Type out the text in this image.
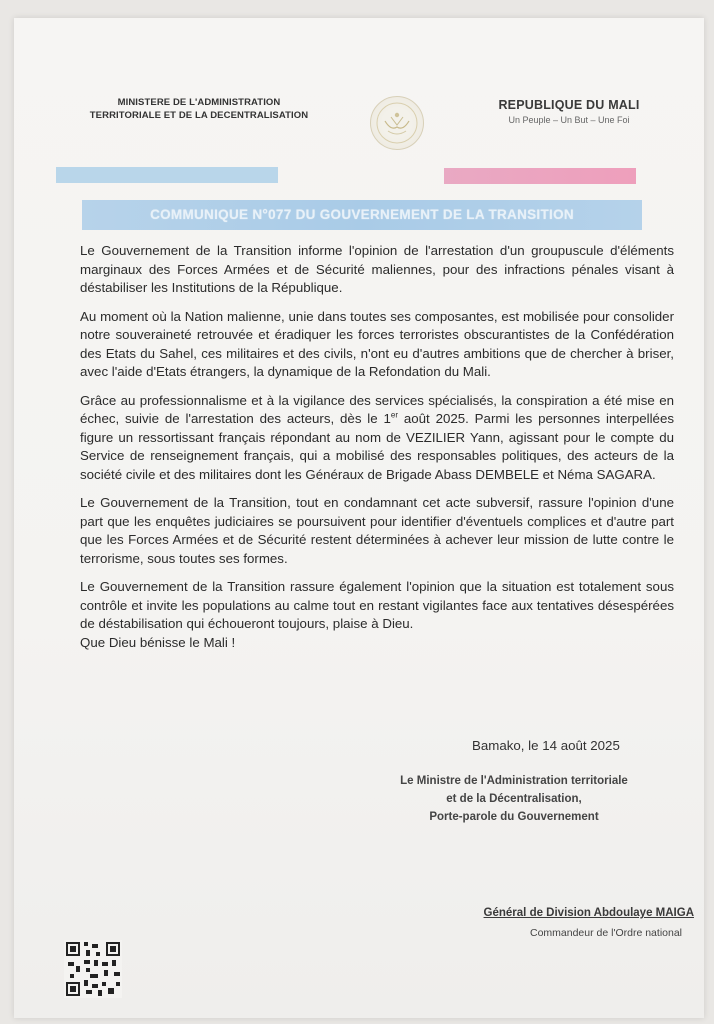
MINISTERE DE L'ADMINISTRATION
TERRITORIALE ET DE LA DECENTRALISATION
REPUBLIQUE DU MALI
Un Peuple – Un But – Une Foi
COMMUNIQUE N°077 DU GOUVERNEMENT DE LA TRANSITION

Le Gouvernement de la Transition informe l'opinion de l'arrestation d'un groupuscule d'éléments marginaux des Forces Armées et de Sécurité maliennes, pour des infractions pénales visant à déstabiliser les Institutions de la République.

Au moment où la Nation malienne, unie dans toutes ses composantes, est mobilisée pour consolider notre souveraineté retrouvée et éradiquer les forces terroristes obscurantistes de la Confédération des Etats du Sahel, ces militaires et des civils, n'ont eu d'autres ambitions que de chercher à briser, avec l'aide d'Etats étrangers, la dynamique de la Refondation du Mali.

Grâce au professionnalisme et à la vigilance des services spécialisés, la conspiration a été mise en échec, suivie de l'arrestation des acteurs, dès le 1er août 2025. Parmi les personnes interpellées figure un ressortissant français répondant au nom de VEZILIER Yann, agissant pour le compte du Service de renseignement français, qui a mobilisé des responsables politiques, des acteurs de la société civile et des militaires dont les Généraux de Brigade Abass DEMBELE et Néma SAGARA.

Le Gouvernement de la Transition, tout en condamnant cet acte subversif, rassure l'opinion d'une part que les enquêtes judiciaires se poursuivent pour identifier d'éventuels complices et d'autre part que les Forces Armées et de Sécurité restent déterminées à achever leur mission de lutte contre le terrorisme, sous toutes ses formes.

Le Gouvernement de la Transition rassure également l'opinion que la situation est totalement sous contrôle et invite les populations au calme tout en restant vigilantes face aux tentatives désespérées de déstabilisation qui échoueront toujours, plaise à Dieu.

Que Dieu bénisse le Mali !

Bamako, le 14 août 2025
Le Ministre de l'Administration territoriale
et de la Décentralisation,
Porte-parole du Gouvernement
Général de Division Abdoulaye MAIGA
Commandeur de l'Ordre national
